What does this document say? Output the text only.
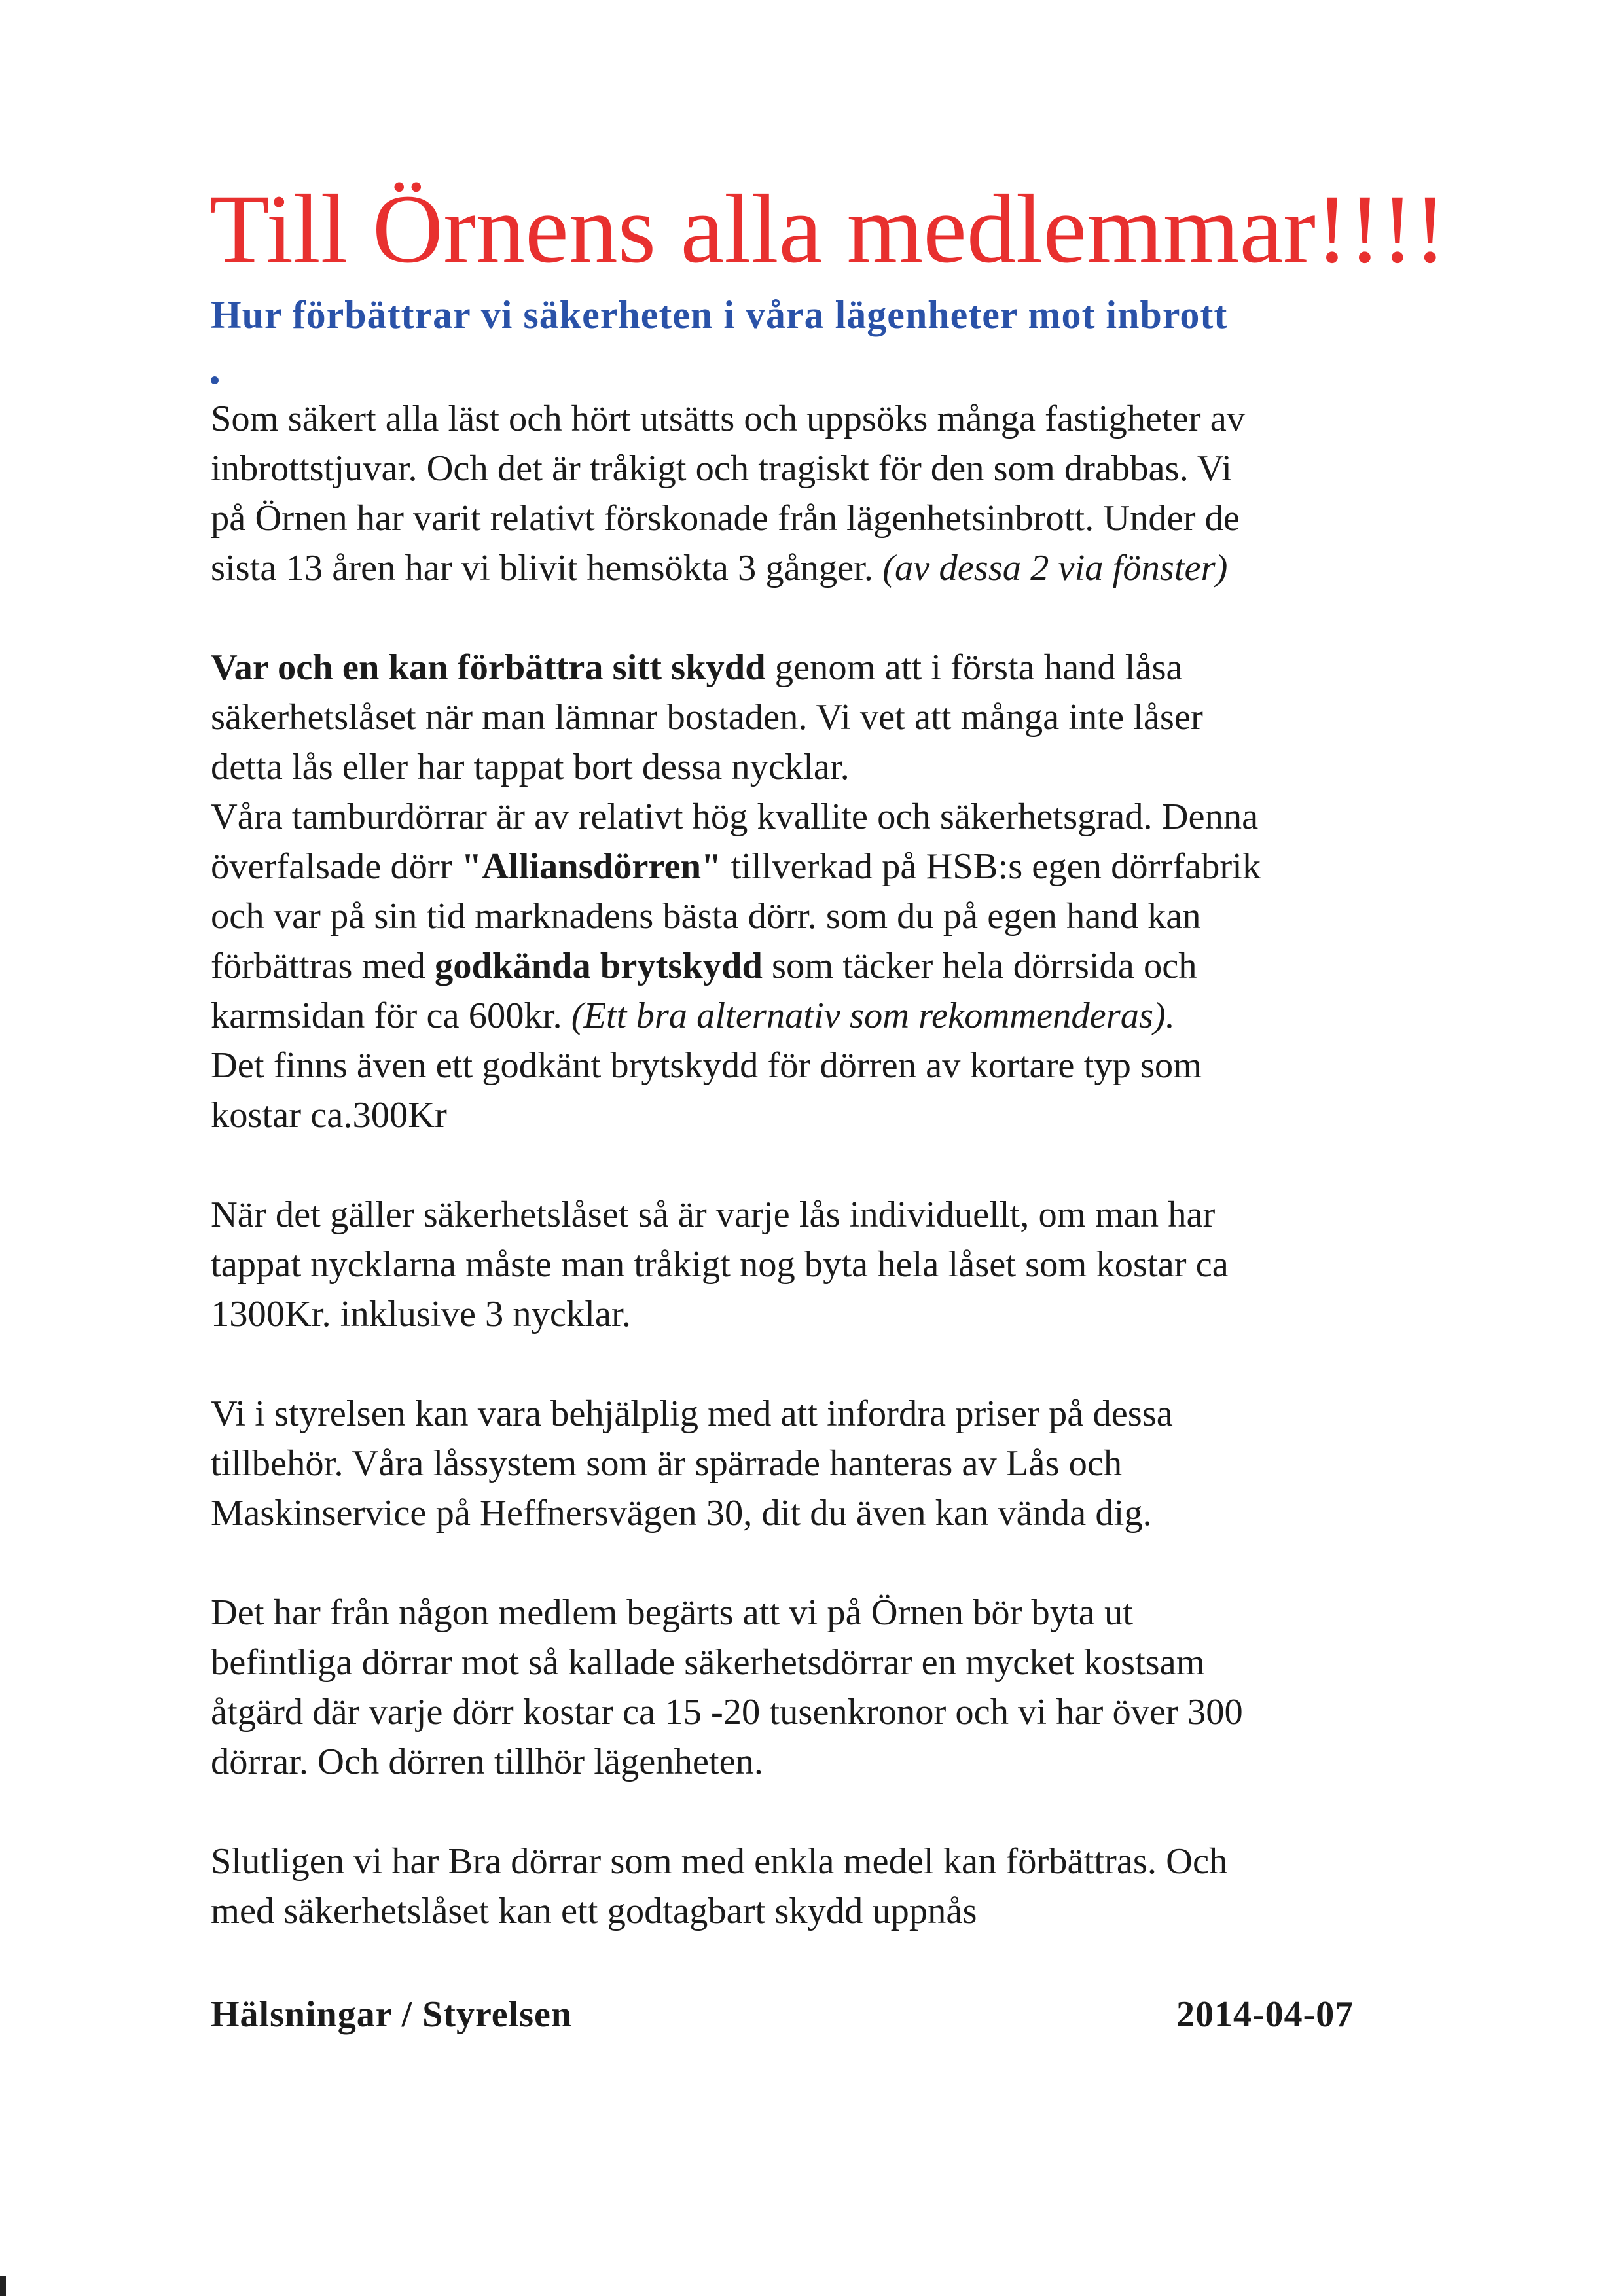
Till Örnens alla medlemmar!!!!
Hur förbättrar vi säkerheten i våra lägenheter mot inbrott

Som säkert alla läst och hört utsätts och uppsöks många fastigheter av
inbrottstjuvar. Och det är tråkigt och tragiskt för den som drabbas. Vi
på Örnen har varit relativt förskonade från lägenhetsinbrott. Under de
sista 13 åren har vi blivit hemsökta 3 gånger. (av dessa 2 via fönster)

Var och en kan förbättra sitt skydd genom att i första hand låsa
säkerhetslåset när man lämnar bostaden. Vi vet att många inte låser
detta lås eller har tappat bort dessa nycklar.
Våra tamburdörrar är av relativt hög kvallite och säkerhetsgrad. Denna
överfalsade dörr "Alliansdörren" tillverkad på HSB:s egen dörrfabrik
och var på sin tid marknadens bästa dörr. som du på egen hand kan
förbättras med godkända brytskydd som täcker hela dörrsida och
karmsidan för ca 600kr. (Ett bra alternativ som rekommenderas).
Det finns även ett godkänt brytskydd för dörren av kortare typ som
kostar ca.300Kr

När det gäller säkerhetslåset så är varje lås individuellt, om man har
tappat nycklarna måste man tråkigt nog byta hela låset som kostar ca
1300Kr. inklusive 3 nycklar.

Vi i styrelsen kan vara behjälplig med att infordra priser på dessa
tillbehör. Våra låssystem som är spärrade hanteras av Lås och
Maskinservice på Heffnersvägen 30, dit du även kan vända dig.

Det har från någon medlem begärts att vi på Örnen bör byta ut
befintliga dörrar mot så kallade säkerhetsdörrar en mycket kostsam
åtgärd där varje dörr kostar ca 15 -20 tusenkronor och vi har över 300
dörrar. Och dörren tillhör lägenheten.

Slutligen vi har Bra dörrar som med enkla medel kan förbättras. Och
med säkerhetslåset kan ett godtagbart skydd uppnås

Hälsningar / Styrelsen	2014-04-07
